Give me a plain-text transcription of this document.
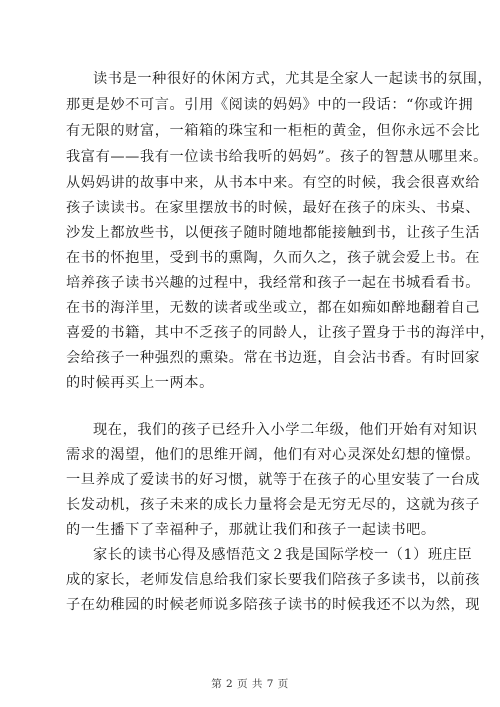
读书是一种很好的休闲方式，尤其是全家人一起读书的氛围，
那更是妙不可言。引用《阅读的妈妈》中的一段话：“你或许拥
有无限的财富，一箱箱的珠宝和一柜柜的黄金，但你永远不会比
我富有——我有一位读书给我听的妈妈”。孩子的智慧从哪里来。
从妈妈讲的故事中来，从书本中来。有空的时候，我会很喜欢给
孩子读读书。在家里摆放书的时候，最好在孩子的床头、书桌、
沙发上都放些书，以便孩子随时随地都能接触到书，让孩子生活
在书的怀抱里，受到书的熏陶，久而久之，孩子就会爱上书。在
培养孩子读书兴趣的过程中，我经常和孩子一起在书城看看书。
在书的海洋里，无数的读者或坐或立，都在如痴如醉地翻着自己
喜爱的书籍，其中不乏孩子的同龄人，让孩子置身于书的海洋中，
会给孩子一种强烈的熏染。常在书边逛，自会沾书香。有时回家
的时候再买上一两本。
现在，我们的孩子已经升入小学二年级，他们开始有对知识
需求的渴望，他们的思维开阔，他们有对心灵深处幻想的憧憬。
一旦养成了爱读书的好习惯，就等于在孩子的心里安装了一台成
长发动机，孩子未来的成长力量将会是无穷无尽的，这就为孩子
的一生播下了幸福种子，那就让我们和孩子一起读书吧。
家长的读书心得及感悟范文２我是国际学校一（1）班庄臣
成的家长，老师发信息给我们家长要我们陪孩子多读书，以前孩
子在幼稚园的时候老师说多陪孩子读书的时候我还不以为然，现
第 2 页 共 7 页
